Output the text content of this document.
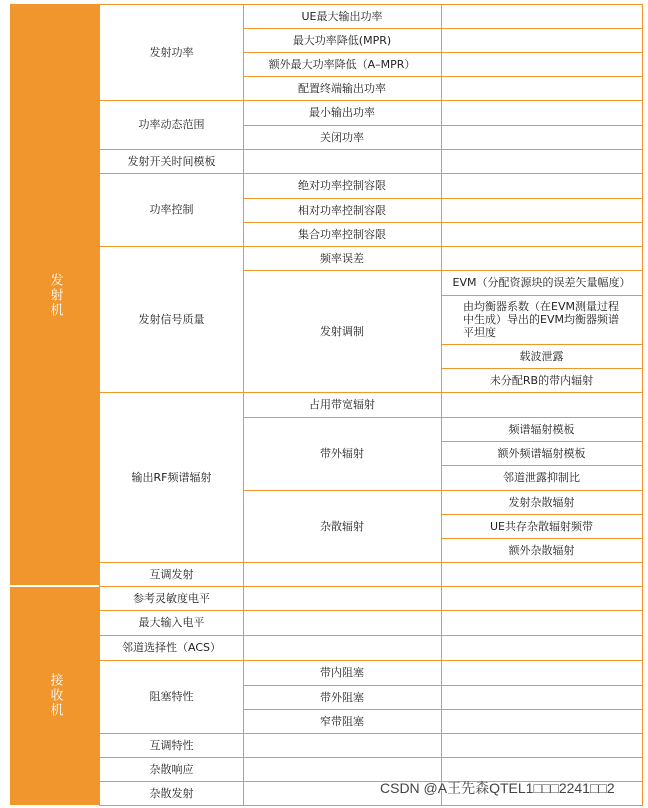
发射机
接收机
发射功率
功率动态范围
发射开关时间模板
功率控制
发射信号质量
输出RF频谱辐射
互调发射
参考灵敏度电平
最大输入电平
邻道选择性（ACS）
阻塞特性
互调特性
杂散响应
杂散发射
UE最大输出功率
最大功率降低(MPR)
额外最大功率降低（A–MPR）
配置终端输出功率
最小输出功率
关闭功率
绝对功率控制容限
相对功率控制容限
集合功率控制容限
频率误差
发射调制
占用带宽辐射
带外辐射
杂散辐射
带内阻塞
带外阻塞
窄带阻塞
EVM（分配资源块的误差矢量幅度）
由均衡器系数（在EVM测量过程中生成）导出的EVM均衡器频谱平坦度
载波泄露
未分配RB的带内辐射
频谱辐射模板
额外频谱辐射模板
邻道泄露抑制比
发射杂散辐射
UE共存杂散辐射频带
额外杂散辐射
CSDN @A王先森QTEL1□□□2241□□2
